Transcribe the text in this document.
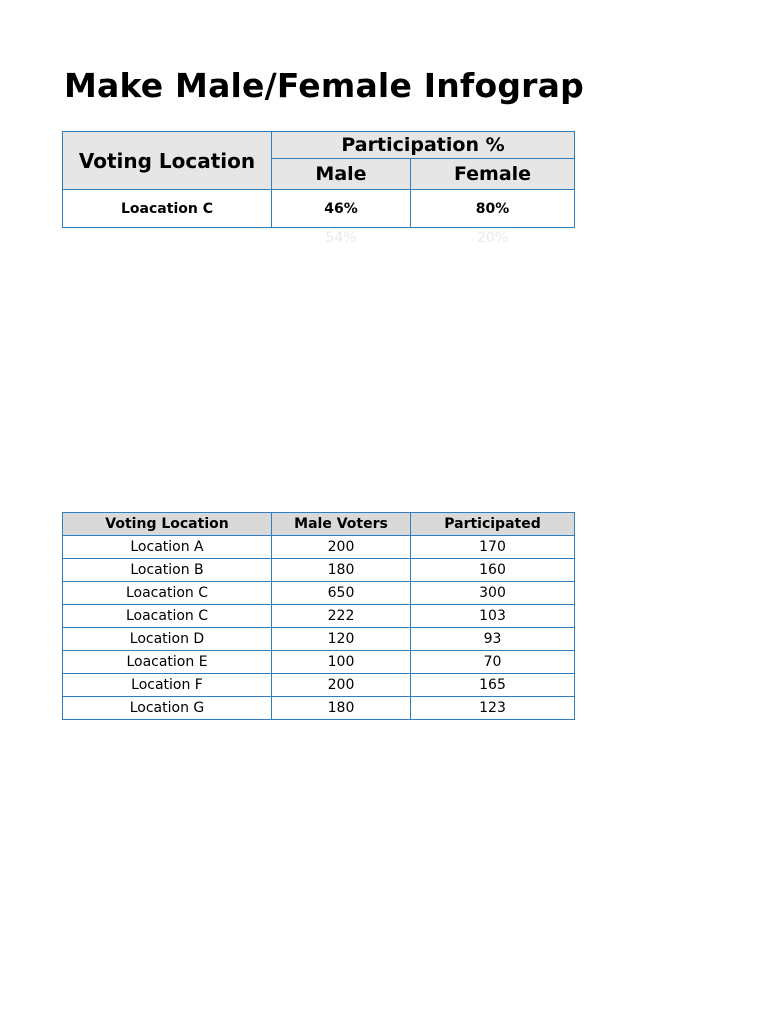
Make Male/Female Infograp
Voting Location	Participation %	
	Male	Female
Loacation C	46%	80%
	54%	20%
Voting Location	Male Voters	Participated
Location A	200	170
Location B	180	160
Loacation C	650	300
Loacation C	222	103
Location D	120	93
Loacation E	100	70
Location F	200	165
Location G	180	123
